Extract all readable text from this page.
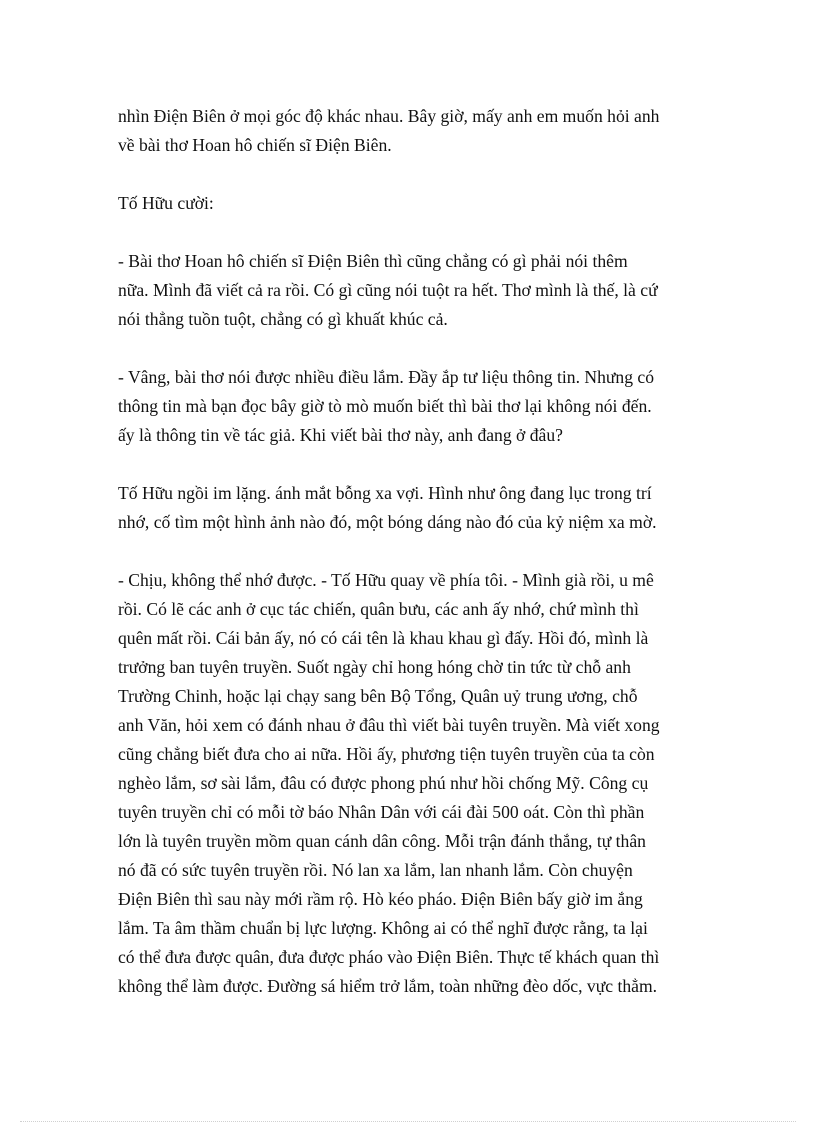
nhìn Điện Biên ở mọi góc độ khác nhau. Bây giờ, mấy anh em muốn hỏi anh
về bài thơ Hoan hô chiến sĩ Điện Biên.

Tố Hữu cười:

- Bài thơ Hoan hô chiến sĩ Điện Biên thì cũng chẳng có gì phải nói thêm
nữa. Mình đã viết cả ra rồi. Có gì cũng nói tuột ra hết. Thơ mình là thế, là cứ
nói thẳng tuồn tuột, chẳng có gì khuất khúc cả.

- Vâng, bài thơ nói được nhiều điều lắm. Đầy ắp tư liệu thông tin. Nhưng có
thông tin mà bạn đọc bây giờ tò mò muốn biết thì bài thơ lại không nói đến.
ấy là thông tin về tác giả. Khi viết bài thơ này, anh đang ở đâu?

Tố Hữu ngồi im lặng. ánh mắt bỗng xa vợi. Hình như ông đang lục trong trí
nhớ, cố tìm một hình ảnh nào đó, một bóng dáng nào đó của kỷ niệm xa mờ.

- Chịu, không thể nhớ được. - Tố Hữu quay về phía tôi. - Mình già rồi, u mê
rồi. Có lẽ các anh ở cục tác chiến, quân bưu, các anh ấy nhớ, chứ mình thì
quên mất rồi. Cái bản ấy, nó có cái tên là khau khau gì đấy. Hồi đó, mình là
trưởng ban tuyên truyền. Suốt ngày chỉ hong hóng chờ tin tức từ chỗ anh
Trường Chinh, hoặc lại chạy sang bên Bộ Tổng, Quân uỷ trung ương, chỗ
anh Văn, hỏi xem có đánh nhau ở đâu thì viết bài tuyên truyền. Mà viết xong
cũng chẳng biết đưa cho ai nữa. Hồi ấy, phương tiện tuyên truyền của ta còn
nghèo lắm, sơ sài lắm, đâu có được phong phú như hồi chống Mỹ. Công cụ
tuyên truyền chỉ có mỗi tờ báo Nhân Dân với cái đài 500 oát. Còn thì phần
lớn là tuyên truyền mồm quan cánh dân công. Mỗi trận đánh thắng, tự thân
nó đã có sức tuyên truyền rồi. Nó lan xa lắm, lan nhanh lắm. Còn chuyện
Điện Biên thì sau này mới rầm rộ. Hò kéo pháo. Điện Biên bấy giờ im ắng
lắm. Ta âm thầm chuẩn bị lực lượng. Không ai có thể nghĩ được rằng, ta lại
có thể đưa được quân, đưa được pháo vào Điện Biên. Thực tế khách quan thì
không thể làm được. Đường sá hiểm trở lắm, toàn những đèo dốc, vực thẳm.
